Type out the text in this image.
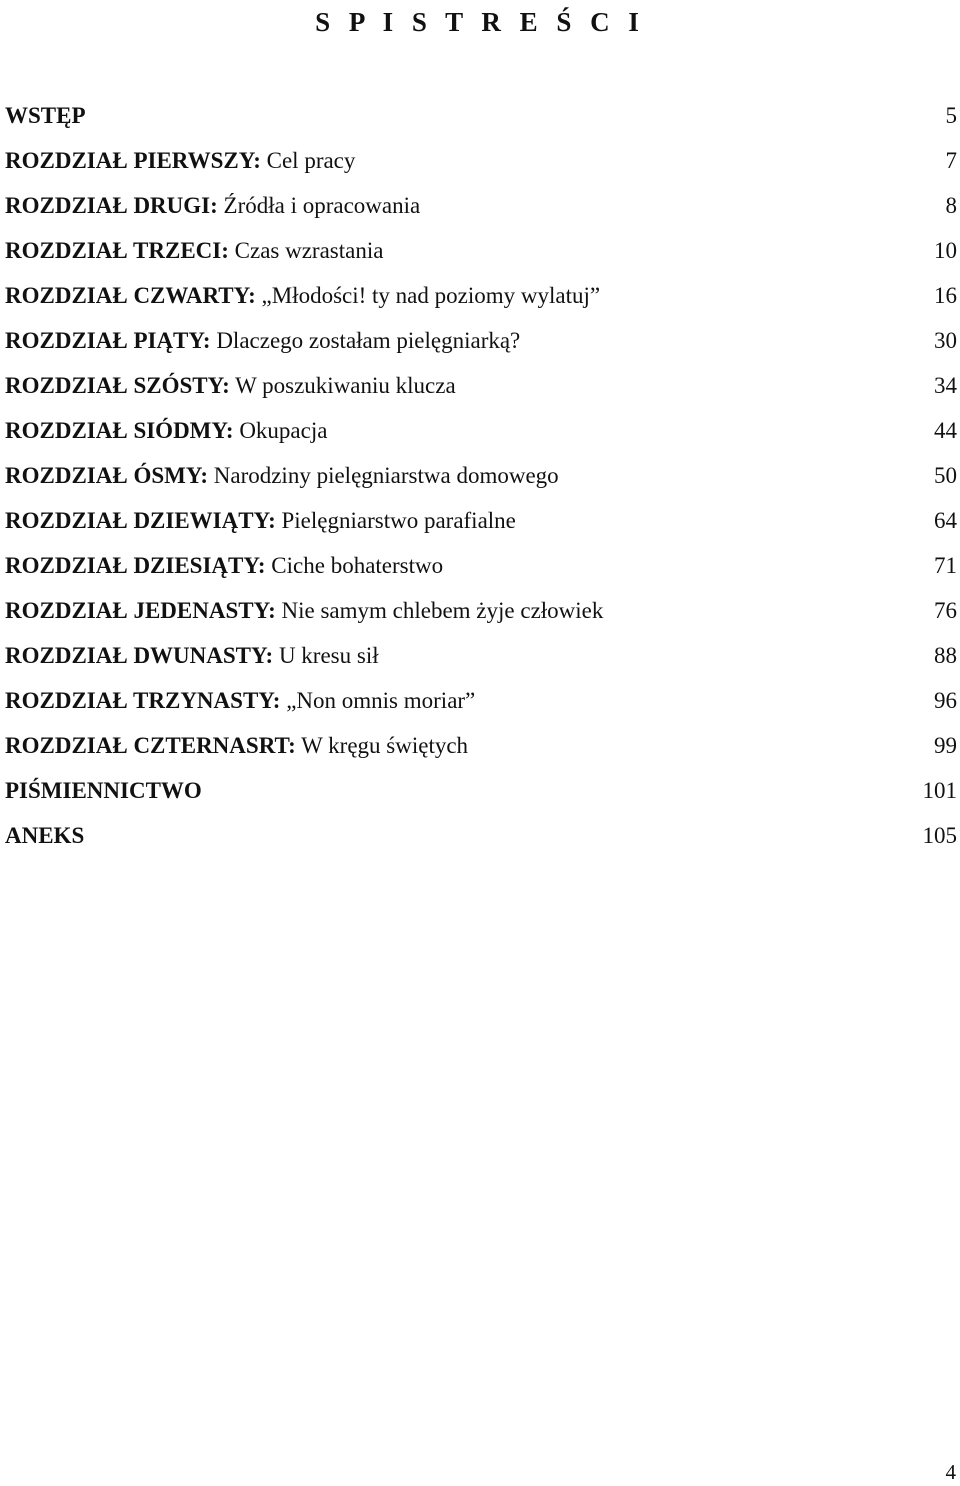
S P I S T R E Ś C I
WSTĘP	5
ROZDZIAŁ PIERWSZY: Cel pracy	7
ROZDZIAŁ DRUGI: Źródła i opracowania	8
ROZDZIAŁ TRZECI: Czas wzrastania	10
ROZDZIAŁ CZWARTY: „Młodości! ty nad poziomy wylatuj”	16
ROZDZIAŁ PIĄTY: Dlaczego zostałam pielęgniarką?	30
ROZDZIAŁ SZÓSTY: W poszukiwaniu klucza	34
ROZDZIAŁ SIÓDMY: Okupacja	44
ROZDZIAŁ ÓSMY: Narodziny pielęgniarstwa domowego	50
ROZDZIAŁ DZIEWIĄTY: Pielęgniarstwo parafialne	64
ROZDZIAŁ DZIESIĄTY: Ciche bohaterstwo	71
ROZDZIAŁ JEDENASTY: Nie samym chlebem żyje człowiek	76
ROZDZIAŁ DWUNASTY: U kresu sił	88
ROZDZIAŁ TRZYNASTY: „Non omnis moriar”	96
ROZDZIAŁ CZTERNASRT: W kręgu świętych	99
PIŚMIENNICTWO	101
ANEKS	105
4
